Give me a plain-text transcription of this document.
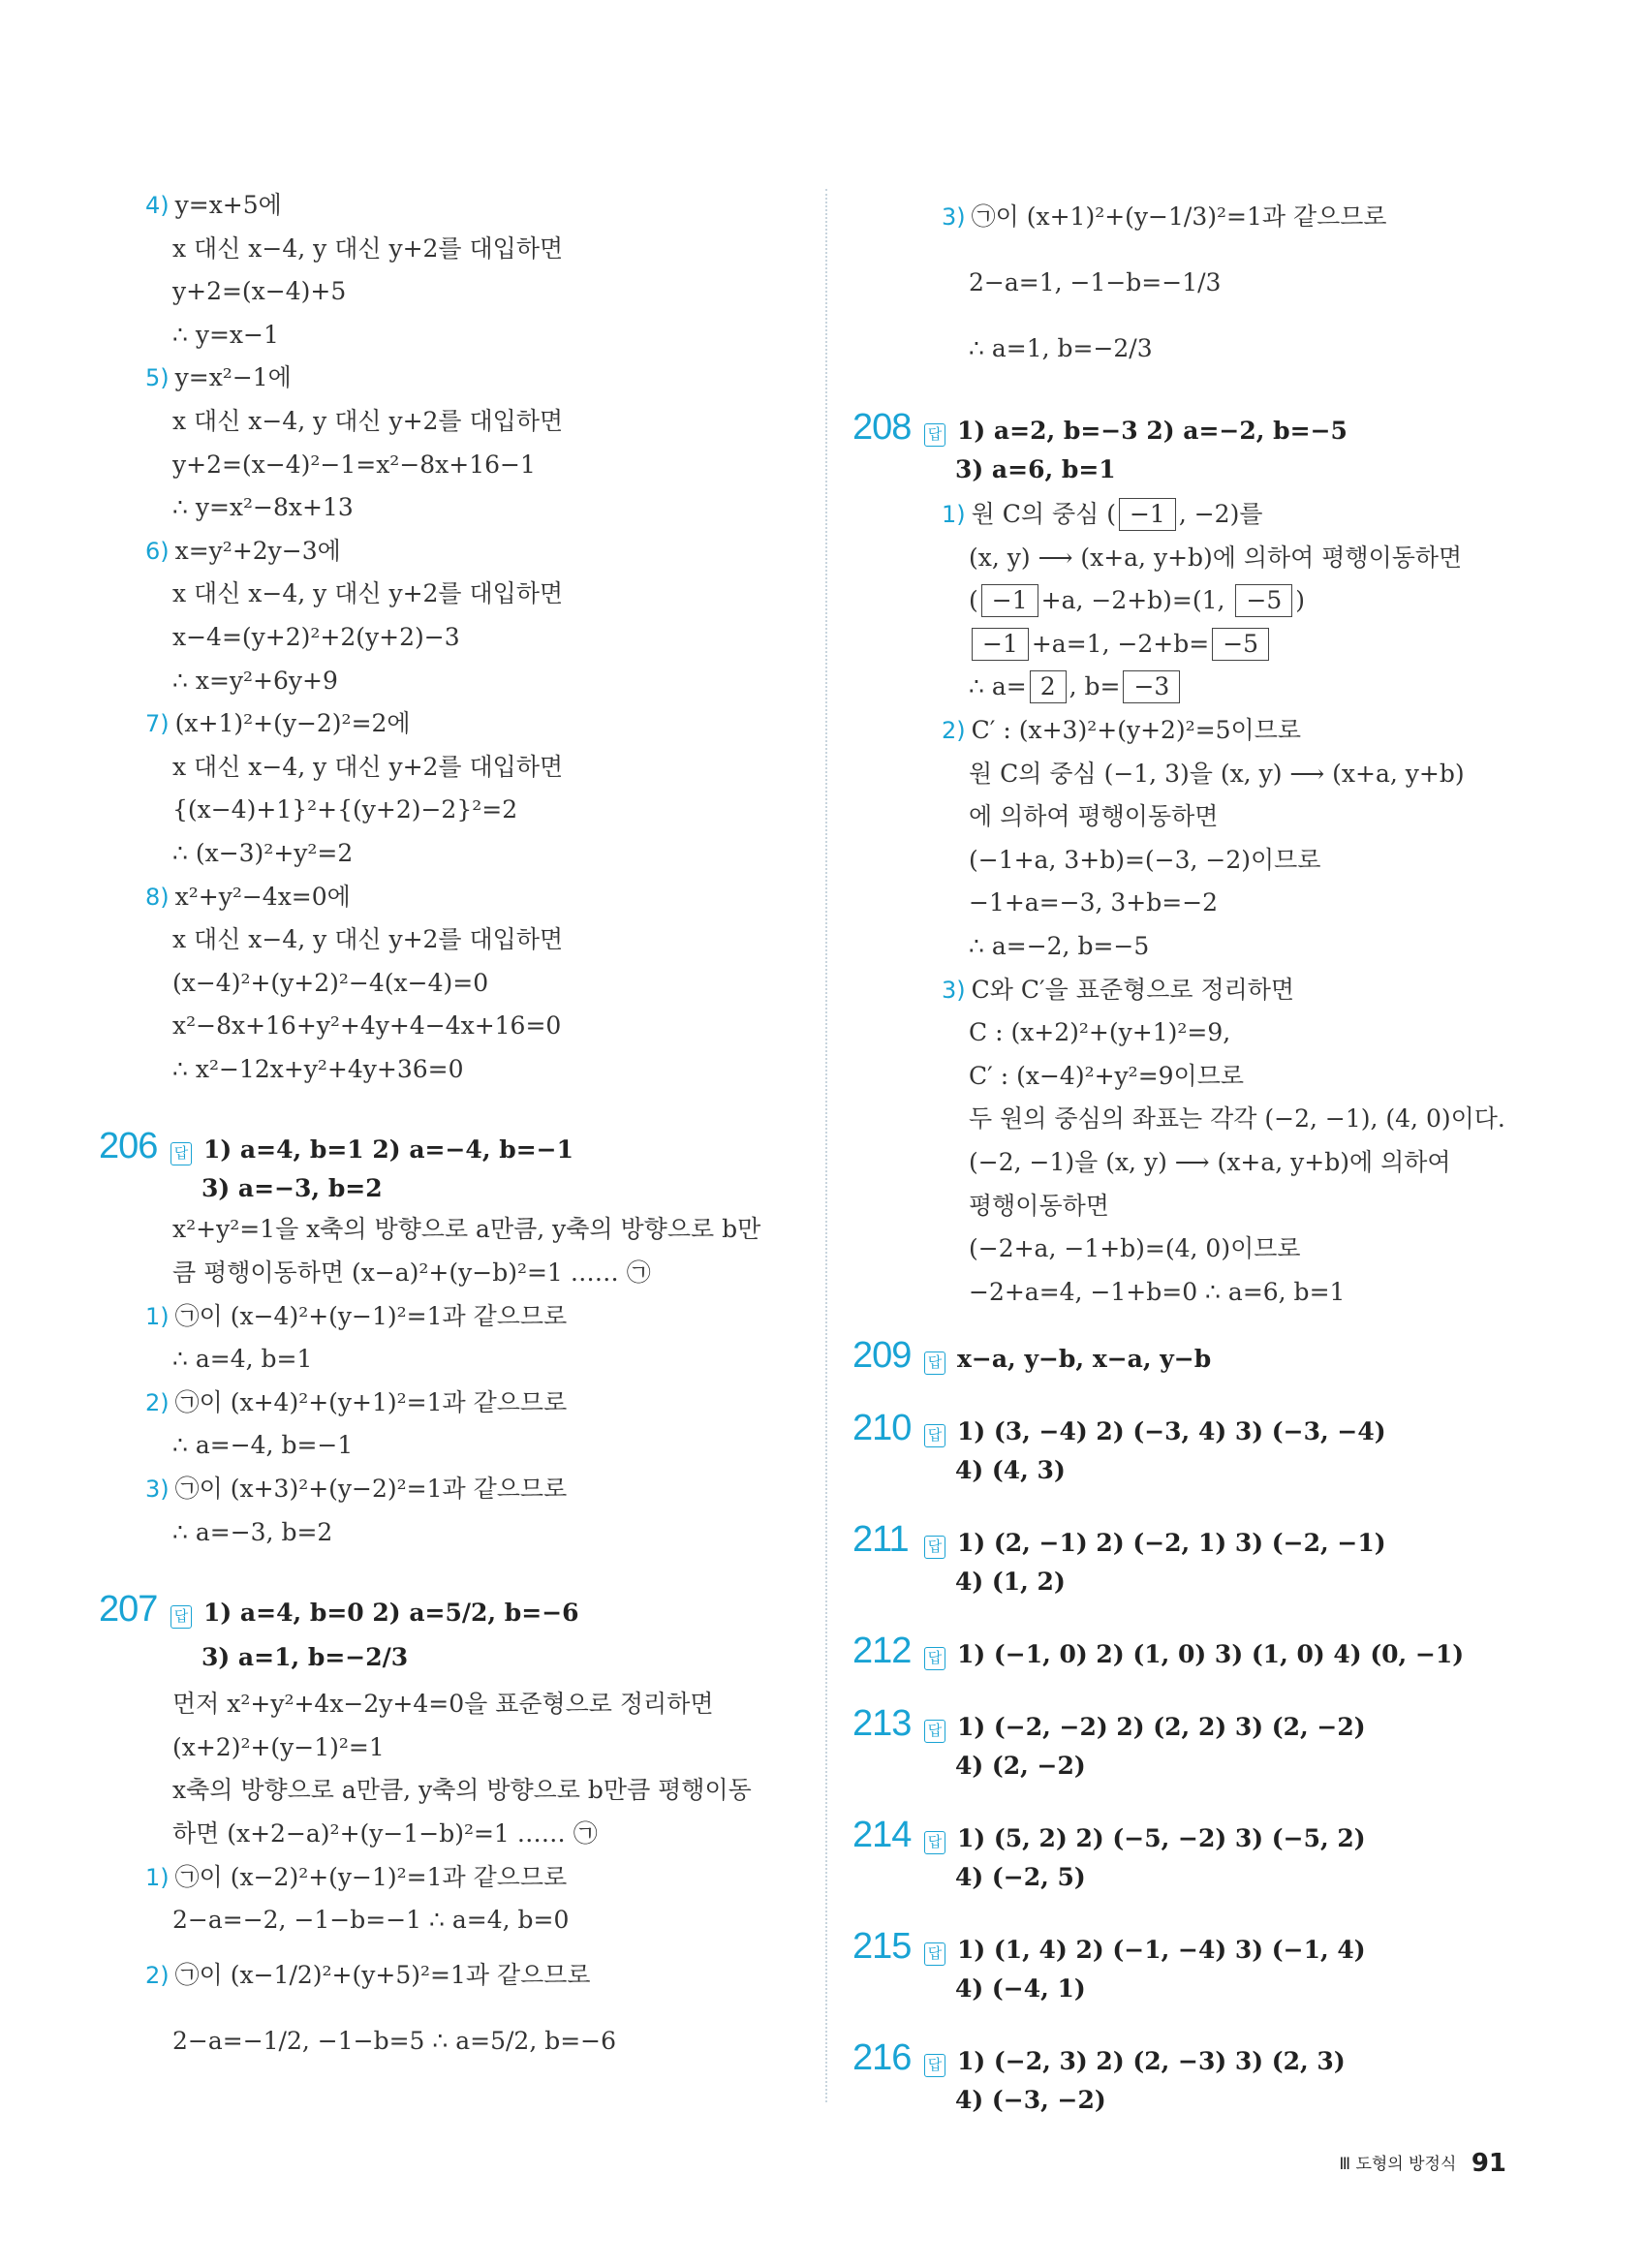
4) y=x+5에
x 대신 x−4, y 대신 y+2를 대입하면
y+2=(x−4)+5
∴ y=x−1
5) y=x²−1에
x 대신 x−4, y 대신 y+2를 대입하면
y+2=(x−4)²−1=x²−8x+16−1
∴ y=x²−8x+13
6) x=y²+2y−3에
x 대신 x−4, y 대신 y+2를 대입하면
x−4=(y+2)²+2(y+2)−3
∴ x=y²+6y+9
7) (x+1)²+(y−2)²=2에
x 대신 x−4, y 대신 y+2를 대입하면
{(x−4)+1}²+{(y+2)−2}²=2
∴ (x−3)²+y²=2
8) x²+y²−4x=0에
x 대신 x−4, y 대신 y+2를 대입하면
(x−4)²+(y+2)²−4(x−4)=0
x²−8x+16+y²+4y+4−4x+16=0
∴ x²−12x+y²+4y+36=0
206	답 1) a=4, b=1 2) a=−4, b=−1
3) a=−3, b=2
x²+y²=1을 x축의 방향으로 a만큼, y축의 방향으로 b만
큼 평행이동하면 (x−a)²+(y−b)²=1 …… ㉠
1) ㉠이 (x−4)²+(y−1)²=1과 같으므로
∴ a=4, b=1
2) ㉠이 (x+4)²+(y+1)²=1과 같으므로
∴ a=−4, b=−1
3) ㉠이 (x+3)²+(y−2)²=1과 같으므로
∴ a=−3, b=2
207	답 1) a=4, b=0 2) a=5/2, b=−6
3) a=1, b=−2/3
먼저 x²+y²+4x−2y+4=0을 표준형으로 정리하면
(x+2)²+(y−1)²=1
x축의 방향으로 a만큼, y축의 방향으로 b만큼 평행이동
하면 (x+2−a)²+(y−1−b)²=1 …… ㉠
1) ㉠이 (x−2)²+(y−1)²=1과 같으므로
2−a=−2, −1−b=−1 ∴ a=4, b=0
2) ㉠이 (x−1/2)²+(y+5)²=1과 같으므로
2−a=−1/2, −1−b=5 ∴ a=5/2, b=−6
3) ㉠이 (x+1)²+(y−1/3)²=1과 같으므로
2−a=1, −1−b=−1/3
∴ a=1, b=−2/3
208	답 1) a=2, b=−3 2) a=−2, b=−5
3) a=6, b=1
1) 원 C의 중심 ( −1 , −2)를
(x, y) ⟶ (x+a, y+b)에 의하여 평행이동하면
( −1 +a, −2+b)=(1, −5 )
−1 +a=1, −2+b= −5
∴ a= 2 , b= −3
2) C′ : (x+3)²+(y+2)²=5이므로
원 C의 중심 (−1, 3)을 (x, y) ⟶ (x+a, y+b)
에 의하여 평행이동하면
(−1+a, 3+b)=(−3, −2)이므로
−1+a=−3, 3+b=−2
∴ a=−2, b=−5
3) C와 C′을 표준형으로 정리하면
C : (x+2)²+(y+1)²=9,
C′ : (x−4)²+y²=9이므로
두 원의 중심의 좌표는 각각 (−2, −1), (4, 0)이다.
(−2, −1)을 (x, y) ⟶ (x+a, y+b)에 의하여
평행이동하면
(−2+a, −1+b)=(4, 0)이므로
−2+a=4, −1+b=0 ∴ a=6, b=1
209	답 x−a, y−b, x−a, y−b
210	답 1) (3, −4) 2) (−3, 4) 3) (−3, −4)
4) (4, 3)
211	답 1) (2, −1) 2) (−2, 1) 3) (−2, −1)
4) (1, 2)
212	답 1) (−1, 0) 2) (1, 0) 3) (1, 0) 4) (0, −1)
213	답 1) (−2, −2) 2) (2, 2) 3) (2, −2)
4) (2, −2)
214	답 1) (5, 2) 2) (−5, −2) 3) (−5, 2)
4) (−2, 5)
215	답 1) (1, 4) 2) (−1, −4) 3) (−1, 4)
4) (−4, 1)
216	답 1) (−2, 3) 2) (2, −3) 3) (2, 3)
4) (−3, −2)
Ⅲ 도형의 방정식 91
